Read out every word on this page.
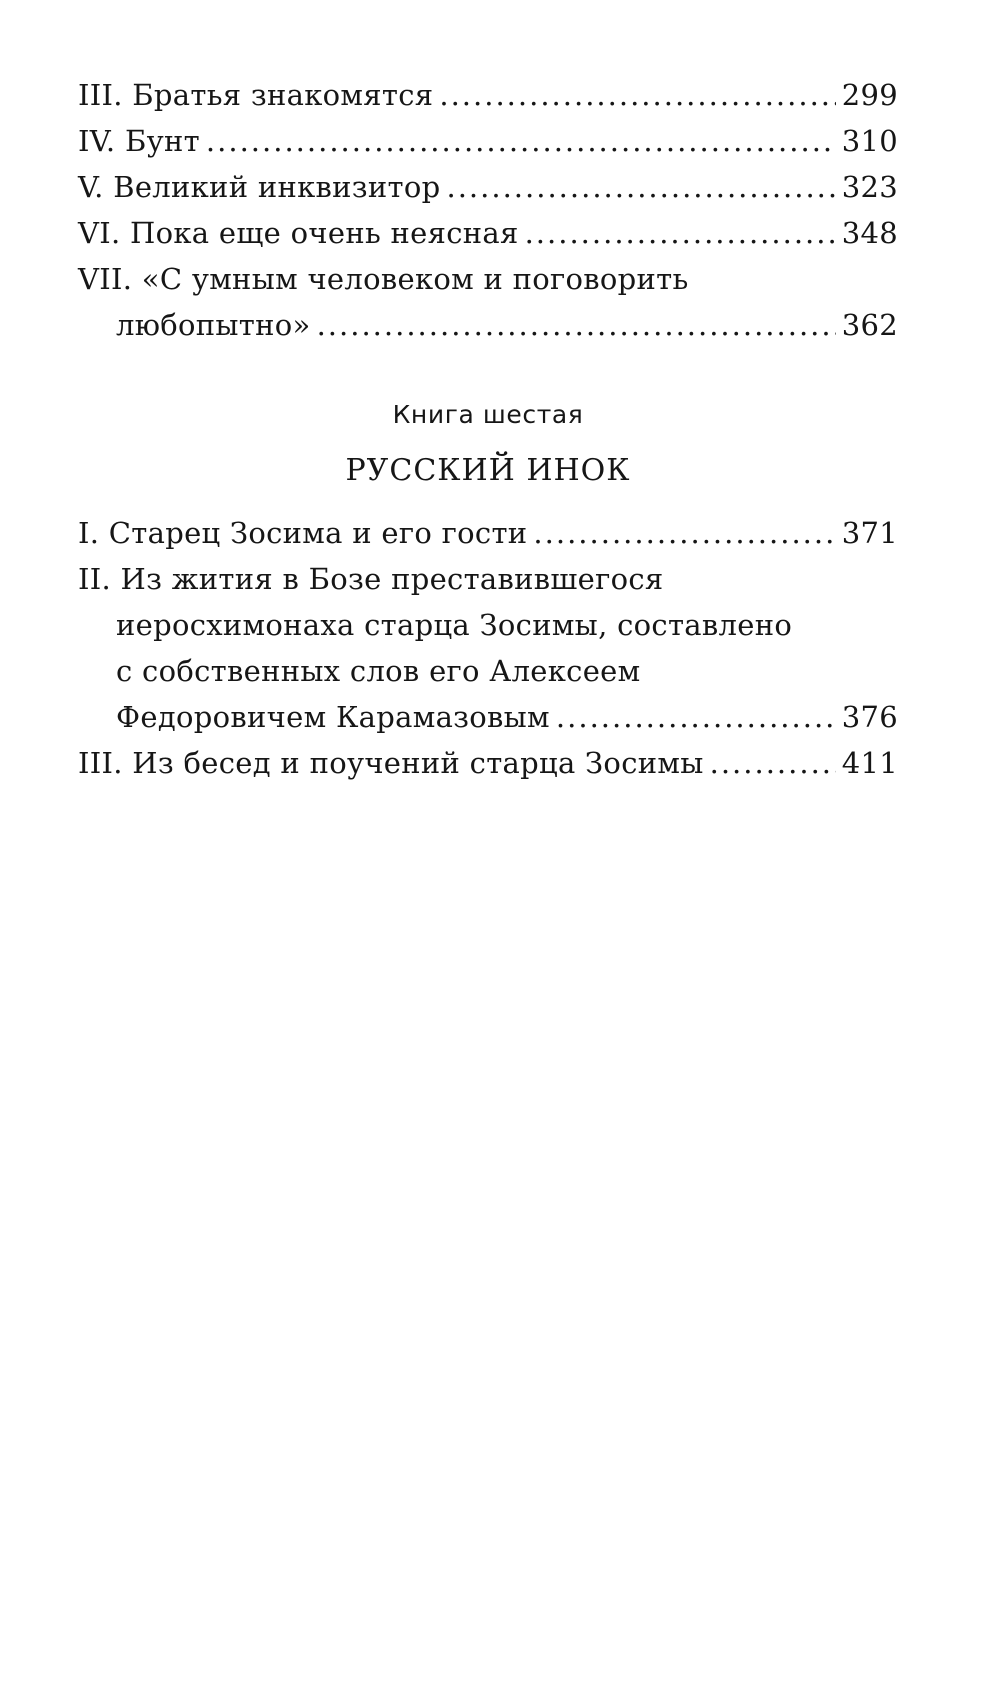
III. Братья знакомятся .....	299
IV. Бунт .....	310
V. Великий инквизитор .....	323
VI. Пока еще очень неясная .....	348
VII. «С умным человеком и поговорить
любопытно» .....	362
Книга шестая
РУССКИЙ ИНОК
I. Старец Зосима и его гости .....	371
II. Из жития в Бозе преставившегося
иеросхимонаха старца Зосимы, составлено
с собственных слов его Алексеем
Федоровичем Карамазовым .....	376
III. Из бесед и поучений старца Зосимы .....	411
